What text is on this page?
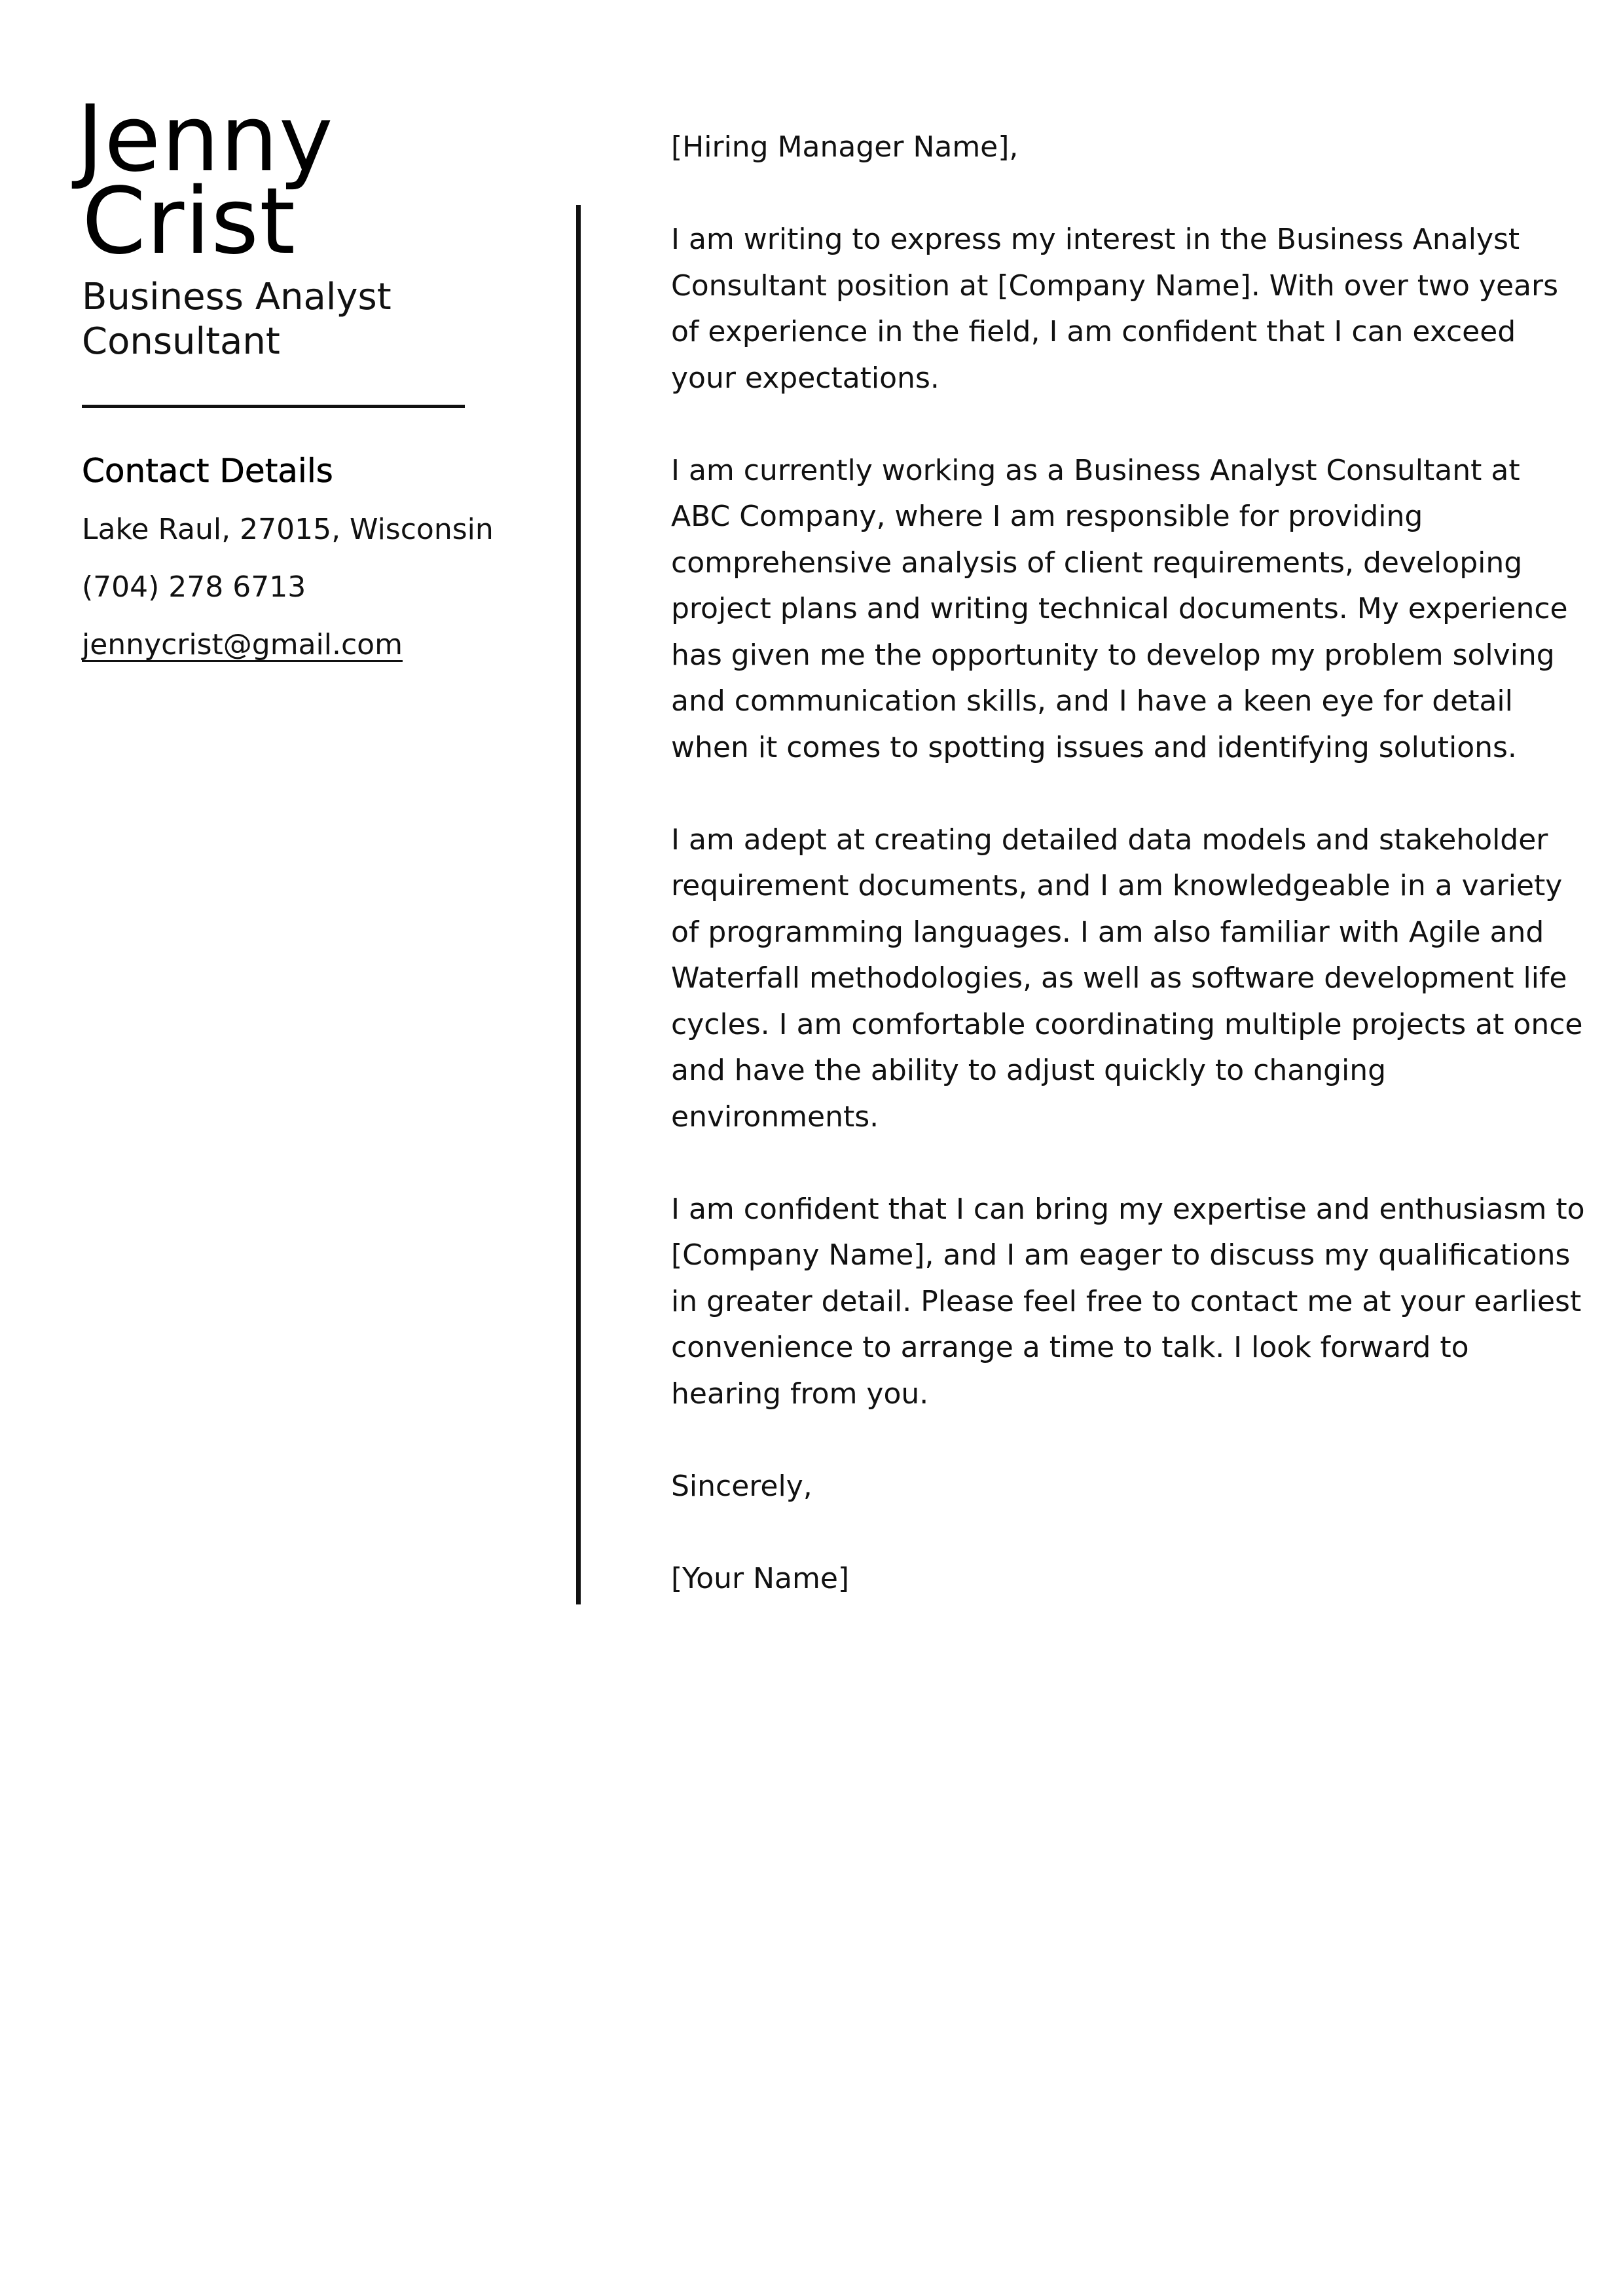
Jenny
Crist
Business Analyst
Consultant
Contact Details
Lake Raul, 27015, Wisconsin
(704) 278 6713
jennycrist@gmail.com

[Hiring Manager Name],

I am writing to express my interest in the Business Analyst
Consultant position at [Company Name]. With over two years
of experience in the field, I am confident that I can exceed
your expectations.

I am currently working as a Business Analyst Consultant at
ABC Company, where I am responsible for providing
comprehensive analysis of client requirements, developing
project plans and writing technical documents. My experience
has given me the opportunity to develop my problem solving
and communication skills, and I have a keen eye for detail
when it comes to spotting issues and identifying solutions.

I am adept at creating detailed data models and stakeholder
requirement documents, and I am knowledgeable in a variety
of programming languages. I am also familiar with Agile and
Waterfall methodologies, as well as software development life
cycles. I am comfortable coordinating multiple projects at once
and have the ability to adjust quickly to changing
environments.

I am confident that I can bring my expertise and enthusiasm to
[Company Name], and I am eager to discuss my qualifications
in greater detail. Please feel free to contact me at your earliest
convenience to arrange a time to talk. I look forward to
hearing from you.

Sincerely,

[Your Name]
